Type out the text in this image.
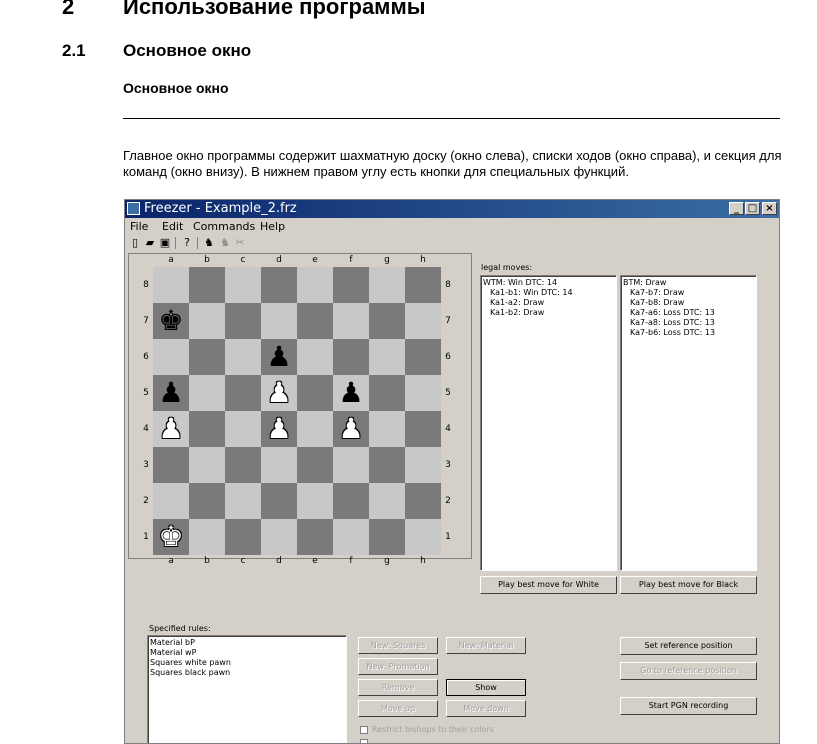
2 Использование программы
2.1 Основное окно
Основное окно
Главное окно программы содержит шахматную доску (окно слева), списки ходов (окно справа), и секция для команд (окно внизу). В нижнем правом углу есть кнопки для специальных функций.
Freezer - Example_2.frz	_ □ ×
File Edit Commands Help
▯ ▰ ▣	?	♞ ♞ ✂
♚
♟
♟	♟ ♟
♟	♟ ♟
♚
a
a
b
b
c
c
d
d
e
e
f
f
g
g
h
h
8	8
7	7
6	6
5	5
4	4
3	3
2	2
1	1
legal moves:
WTM: Win DTC: 14
Ka1-b1: Win DTC: 14
Ka1-a2: Draw
Ka1-b2: Draw
BTM: Draw
Ka7-b7: Draw
Ka7-b8: Draw
Ka7-a6: Loss DTC: 13
Ka7-a8: Loss DTC: 13
Ka7-b6: Loss DTC: 13
Play best move for White	Play best move for Black
Specified rules:
Material bP
Material wP
Squares white pawn
Squares black pawn
New: Squares	New: Material
New: Promotion
Remove	Show
Move up	Move down
Restrict bishops to their colors
Set reference position
Go to reference position
Start PGN recording
